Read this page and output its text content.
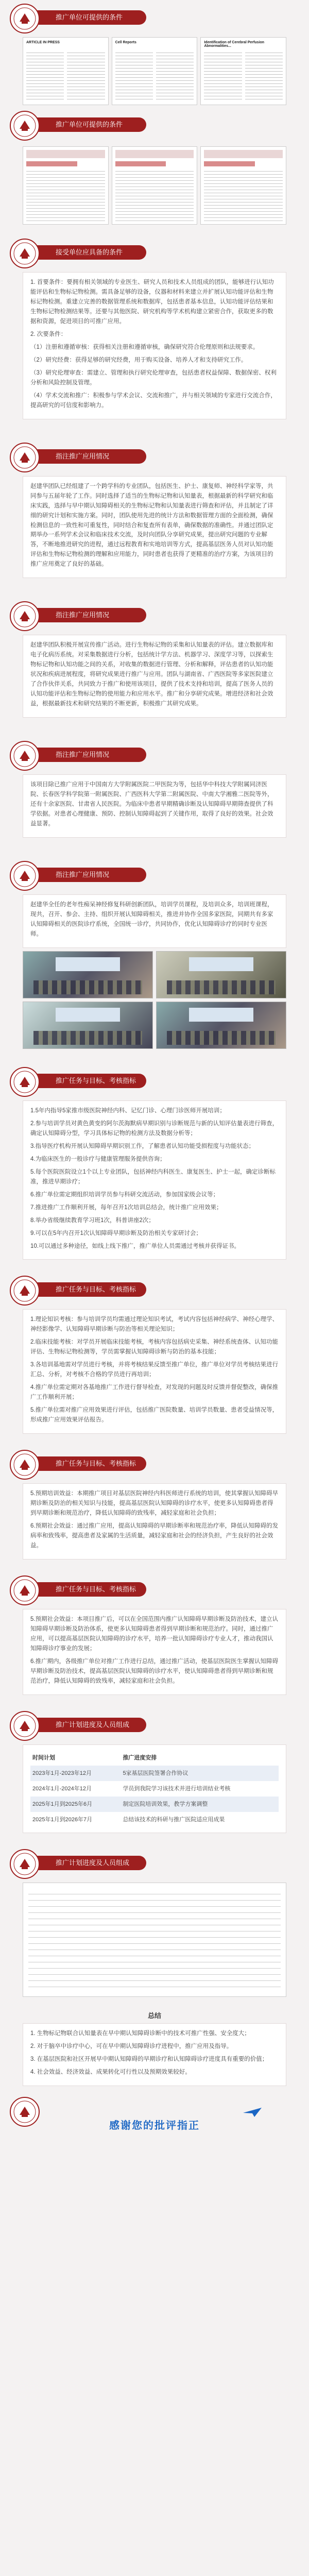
推广单位可提供的条件
ARTICLE IN PRESS	Cell Reports	Identification of Cerebral Perfusion Abnormalities...
推广单位可提供的条件
接受单位应具备的条件

1. 首要条件：要拥有相关领域的专业医生、研究人员和技术人员组成的团队，能够进行认知功能评估和生物标记物检测。需具备足够的设备，仪器和材料来建立并扩展认知功能评估和生物标记物检测。重建立完善的数据管理系统和数据库，包括患者基本信息，认知功能评估结果和生物标记物检测结果等。还要与其他医院、研究机构等学术机构建立紧密合作，获取更多的数据和资源，促进项目的可推广应用。

2. 次要条件：

（1）注册和遵循审核：获得相关注册和遵循审核，确保研究符合伦理原则和法规要求。

（2）研究经费：获得足够的研究经费，用于购买设备、培养人才和支持研究工作。

（3）研究伦理审查：需建立、管理和执行研究伦理审查，包括患者权益保障、数据保密、权利分析和风险控制及管理。

（4）学术交流和推广：积极参与学术会议、交流和推广，并与相关领域的专家进行交流合作，提高研究的可信度和影响力。

指注推广应用情况

赵建华团队已经组建了一个跨学科的专业团队，包括医生、护士、康复师、神经科学家等，共同参与五届年轮了工作。同时选择了适当的生物标记物和认知量表，根据最新的科学研究和临床实践，选择与早中期认知障碍相关的生物标记物和认知量表进行筛查和评估，并且制定了详细的研究计划和实施方案。同时，团队使用先进的统计方法和数据管理方面的全面检测，确保检测信息的一致性和可重复性，同时结合和复查所有表单，确保数据的准确性。并通过团队定期举办一系列学术会议和临床技术交流，及时向团队分享研究成果，提出研究问题的专业解答，不断地推进研究的进程，通过远程教育和实地培训等方式，提高基层医务人员对认知功能评估和生物标记物检测的理解和应用能力，同时患者也获得了更精准的治疗方案，为该项目的推广应用奠定了良好的基础。

指注推广应用情况

赵建华团队积极开展宣传推广活动。进行生物标记物的采集和认知量表的评估。建立数据库和电子化病历系统。对采集数据进行分析，包括统计学方法、机器学习、深度学习等，以探索生物标记物和认知功能之间的关系，对收集的数据进行管理、分析和解释，评估患者的认知功能状况和疾病进展程度，将研究成果进行推广与应用。团队与湖南省、广西医院等多家医院建立了合作伙伴关系，共同致力于推广和使用该项目，提供了技术支持和培训，提高了医务人员的认知功能评估和生物标记物的使用能力和应用水平。推广和分享研究成果。增进经济和社会效益，根据最新技术和研究结果的不断更新，积极推广其研究成果。

指注推广应用情况

该项目除已推广应用于中国南方大学附属医院二甲医院为等，包括华中科技大学附属同济医院、长春医学科学院第一附属医院、广西医科大学第二附属医院、中南大学湘雅二医院等外，还有十余家医院、甘肃省人民医院。为临床中患者早期精确诊断及认知障碍早期筛查提供了科学依据。对患者心理健康、预防、控制认知障碍起到了关键作用，取得了良好的效果。社会效益显著。

指注推广应用情况

赵建华全任的老年性痴呆神经修复科研创新团队，培训学员课程，及培训众多，培训班课程，现共，召开、参会、主持、组织开展认知障碍相关，推进并协作全国多家医院，同期共有多家认知障碍相关的医院诊疗系统，全国统一诊疗，共同协作，优化认知障碍诊疗的同时专业医师。

推广任务与目标、考核指标

1.5年内指导5家推市级医院神经内科、记忆门诊、心理门诊医师开展培训；

2.参与培训学员对黄色黄变的阿尔茨海默病早期识别与诊断规范与新的认知评估量表进行筛查，确定认知障碍分型，学习具体标记物的检测方法及数据分析等；

3.指导医疗机构开展认知障碍早期识别工作，了解患者认知功能受损程度与功能状态；

4.为临床医生的一般诊疗与健康管理服务提供咨询；

5.每个医院医院设立1个以上专业团队，包括神经内科医生、康复医生、护士一起，确定诊断标准，推进早期诊疗；

6.推广单位需定期组织培训学员参与科研交流活动，参加国家级会议等；

7.推进推广工作顺利开展，每年召开1次培训总结会，统计推广应用效果；

8.举办省级继续教育学习班1次，科普讲座2次；

9.可以在5年内召开1次认知障碍早期诊断及防治相关专家研讨会；

10.可以通过多种途径，如线上线下推广，推广单位人员需通过考核并获得证书。

推广任务与目标、考核指标

1.理论知识考核：参与培训学员均需通过理论知识考试，考试内容包括神经病学、神经心理学、神经影像学、认知障碍早期诊断与防治等相关理论知识；

2.临床技能考核：对学员开展临床技能考核，考核内容包括病史采集、神经系统查体、认知功能评估、生物标记物检测等，学员需掌握认知障碍诊断与防治的基本技能；

3.各培训基地需对学员进行考核，并将考核结果反馈至推广单位，推广单位对学员考核结果进行汇总、分析，对考核不合格的学员进行再培训；

4.推广单位需定期对各基地推广工作进行督导检查，对发现的问题及时反馈并督促整改，确保推广工作顺利开展；

5.推广单位需对推广应用效果进行评估，包括推广医院数量、培训学员数量、患者受益情况等，形成推广应用效果评估报告。

推广任务与目标、考核指标

5.预期培训效益：本期推广项目对基层医院神经内科医师进行系统的培训，使其掌握认知障碍早期诊断及防治的相关知识与技能，提高基层医院认知障碍的诊疗水平，使更多认知障碍患者得到早期诊断和规范治疗，降低认知障碍的致残率，减轻家庭和社会负担；

6.预期社会效益：通过推广应用，提高认知障碍的早期诊断率和规范治疗率，降低认知障碍的发病率和致残率，提高患者及家属的生活质量，减轻家庭和社会的经济负担，产生良好的社会效益。

推广任务与目标、考核指标

5.预期社会效益：本项目推广后，可以在全国范围内推广认知障碍早期诊断及防治技术，建立认知障碍早期诊断及防治体系，使更多认知障碍患者得到早期诊断和规范治疗。同时，通过推广应用，可以提高基层医院认知障碍的诊疗水平，培养一批认知障碍诊疗专业人才，推动我国认知障碍诊疗事业的发展；

6.推广期内，各级推广单位对推广工作进行总结，通过推广活动，使基层医院医生掌握认知障碍早期诊断及防治技术，提高基层医院认知障碍的诊疗水平，使认知障碍患者得到早期诊断和规范治疗，降低认知障碍的致残率，减轻家庭和社会负担。

推广计划进度及人员组成
时间计划	推广进度安排
2023年1月-2023年12月	5家基层医院签署合作协议
2024年1月-2024年12月	学员到我院学习该技术并进行培训结业考核
2025年1月到2025年6月	制定医院培训效果，教学方案调整
2025年1月到2026年7月	总结该技术的科研与推广医院适应用成果
推广计划进度及人员组成
总结

1. 生物标记物联合认知量表在早中期认知障碍诊断中的技术可推广性强、安全度大；

2. 对于脑卒中诊疗中心，可在早中期认知障碍诊疗进程中，推广应用及指导。

3. 在基层医院和社区开展早中期认知障碍的早期诊疗和认知障碍诊疗进度具有重要的价值；

4. 社会效益、经济效益、成果转化可行性以及预期效果较好。

感谢您的批评指正
